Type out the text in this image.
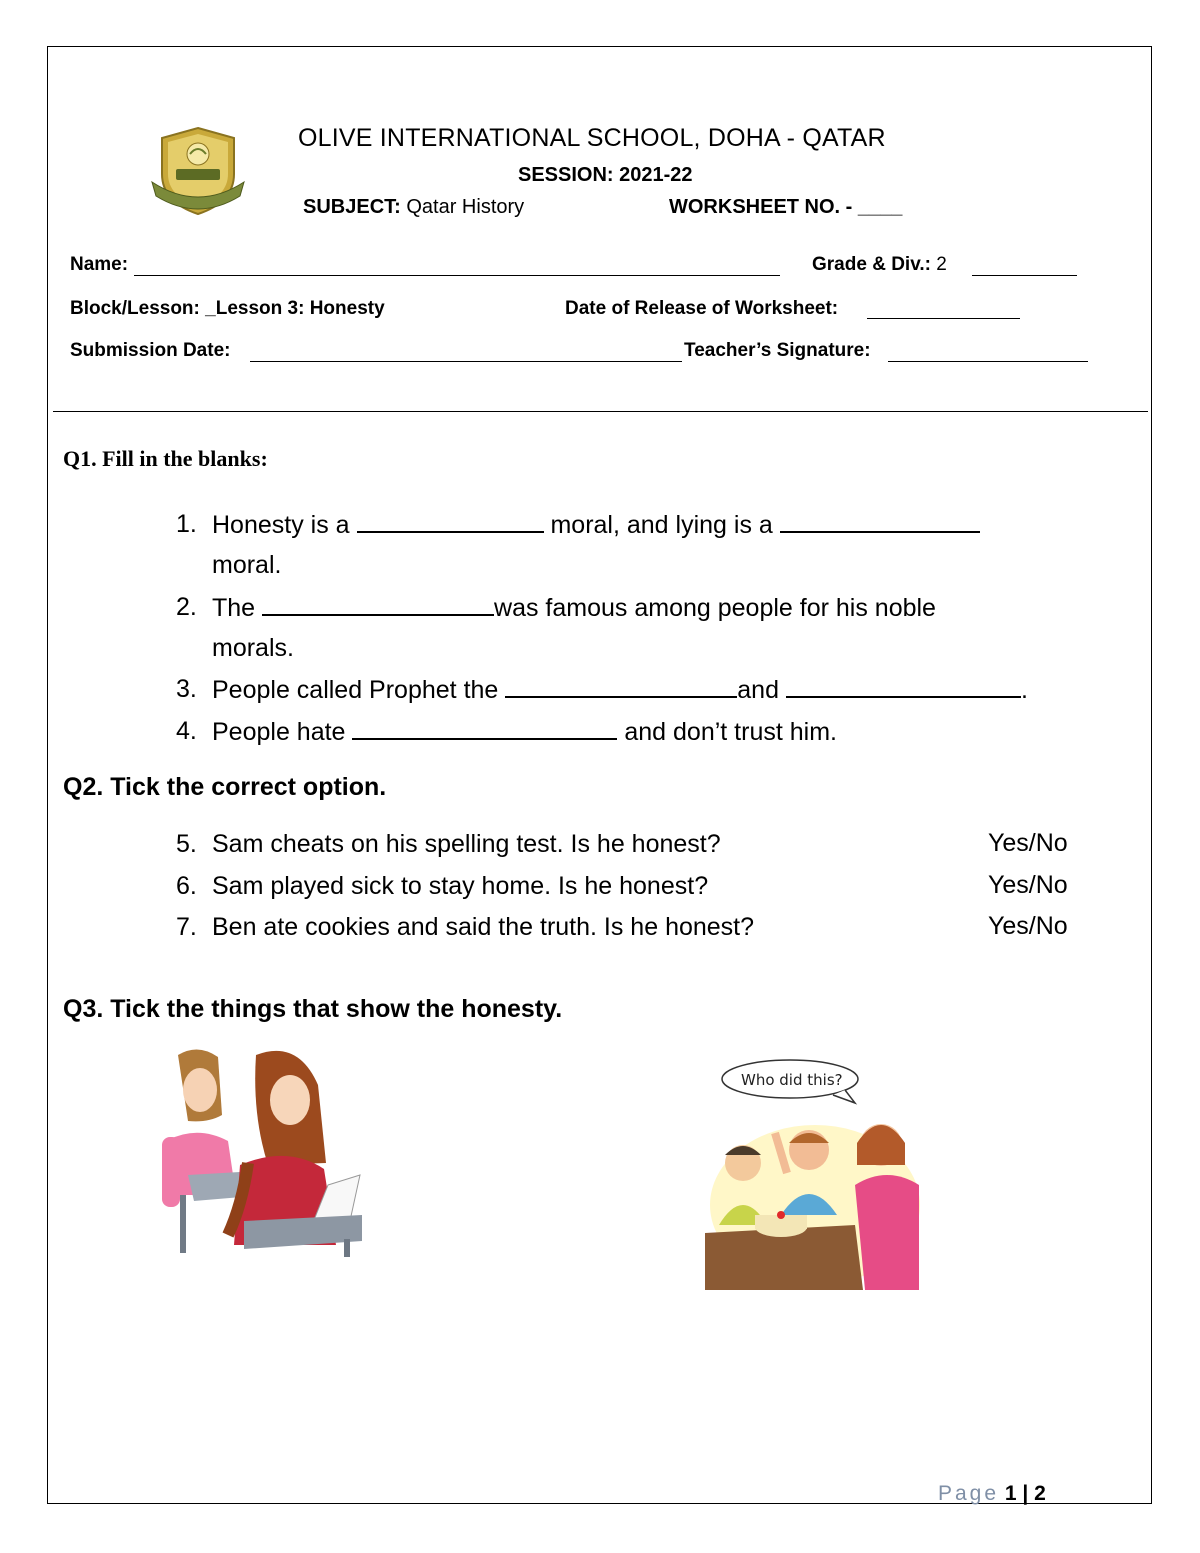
OLIVE INTERNATIONAL SCHOOL, DOHA - QATAR
SESSION: 2021-22
SUBJECT: Qatar History	WORKSHEET NO. - ____
Name:	Grade & Div.: 2
Block/Lesson: _Lesson 3: Honesty	Date of Release of Worksheet:
Submission Date:	Teacher’s Signature:
Q1. Fill in the blanks:
1. Honesty is a	moral, and lying is a
moral.
2. The	was famous among people for his noble
morals.
3. People called Prophet the	and	.
4. People hate	and don’t trust him.
Q2. Tick the correct option.
5. Sam cheats on his spelling test. Is he honest?	Yes/No
6. Sam played sick to stay home. Is he honest?	Yes/No
7. Ben ate cookies and said the truth. Is he honest?	Yes/No
Q3. Tick the things that show the honesty.
Who did this?
Page 1 | 2
